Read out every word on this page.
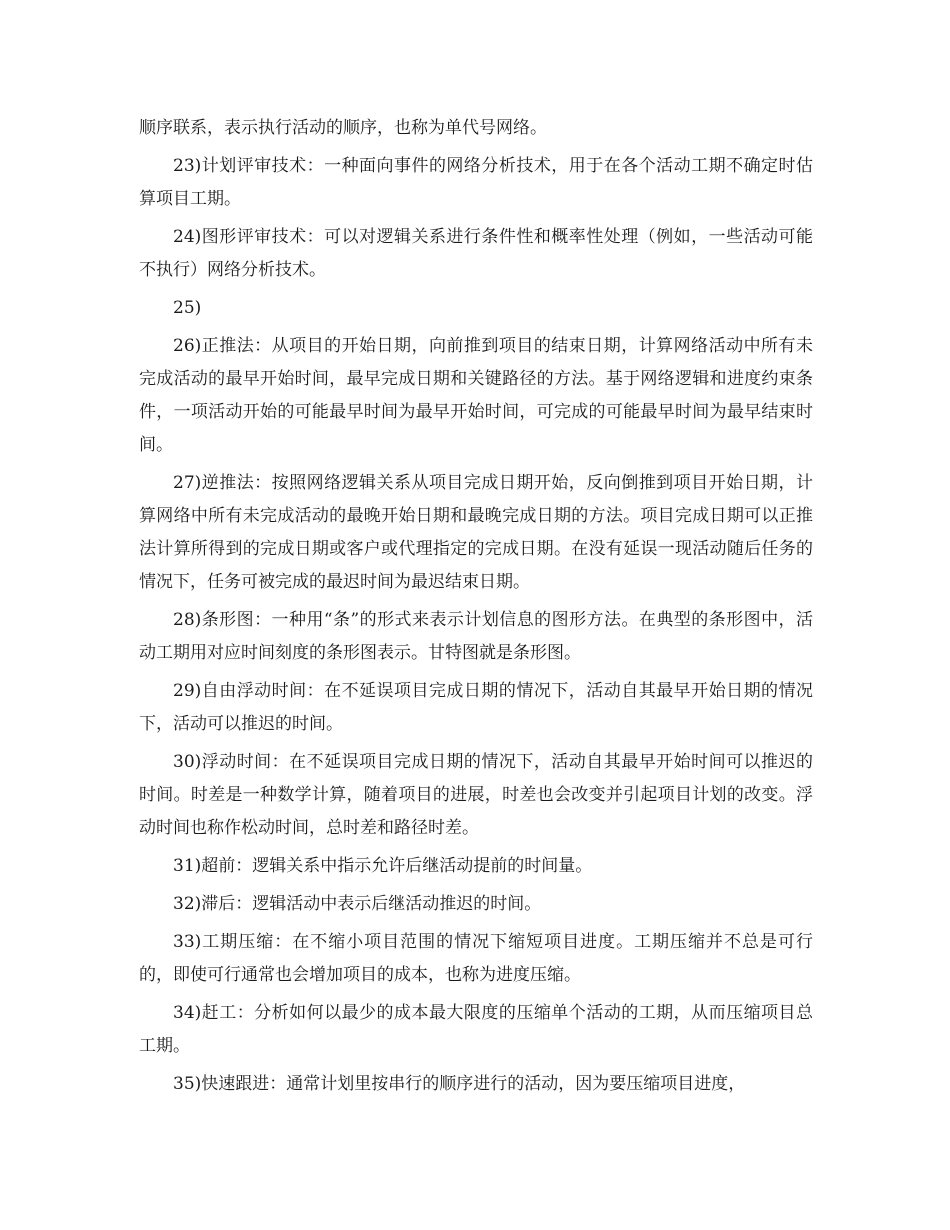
顺序联系，表示执行活动的顺序，也称为单代号网络。

23)计划评审技术：一种面向事件的网络分析技术，用于在各个活动工期不确定时估算项目工期。

24)图形评审技术：可以对逻辑关系进行条件性和概率性处理（例如，一些活动可能不执行）网络分析技术。

25)

26)正推法：从项目的开始日期，向前推到项目的结束日期，计算网络活动中所有未完成活动的最早开始时间，最早完成日期和关键路径的方法。基于网络逻辑和进度约束条件，一项活动开始的可能最早时间为最早开始时间，可完成的可能最早时间为最早结束时间。

27)逆推法：按照网络逻辑关系从项目完成日期开始，反向倒推到项目开始日期，计算网络中所有未完成活动的最晚开始日期和最晚完成日期的方法。项目完成日期可以正推法计算所得到的完成日期或客户或代理指定的完成日期。在没有延误一现活动随后任务的情况下，任务可被完成的最迟时间为最迟结束日期。

28)条形图：一种用“条”的形式来表示计划信息的图形方法。在典型的条形图中，活动工期用对应时间刻度的条形图表示。甘特图就是条形图。

29)自由浮动时间：在不延误项目完成日期的情况下，活动自其最早开始日期的情况下，活动可以推迟的时间。

30)浮动时间：在不延误项目完成日期的情况下，活动自其最早开始时间可以推迟的时间。时差是一种数学计算，随着项目的进展，时差也会改变并引起项目计划的改变。浮动时间也称作松动时间，总时差和路径时差。

31)超前：逻辑关系中指示允许后继活动提前的时间量。

32)滞后：逻辑活动中表示后继活动推迟的时间。

33)工期压缩：在不缩小项目范围的情况下缩短项目进度。工期压缩并不总是可行的，即使可行通常也会增加项目的成本，也称为进度压缩。

34)赶工：分析如何以最少的成本最大限度的压缩单个活动的工期，从而压缩项目总工期。

35)快速跟进：通常计划里按串行的顺序进行的活动，因为要压缩项目进度，
